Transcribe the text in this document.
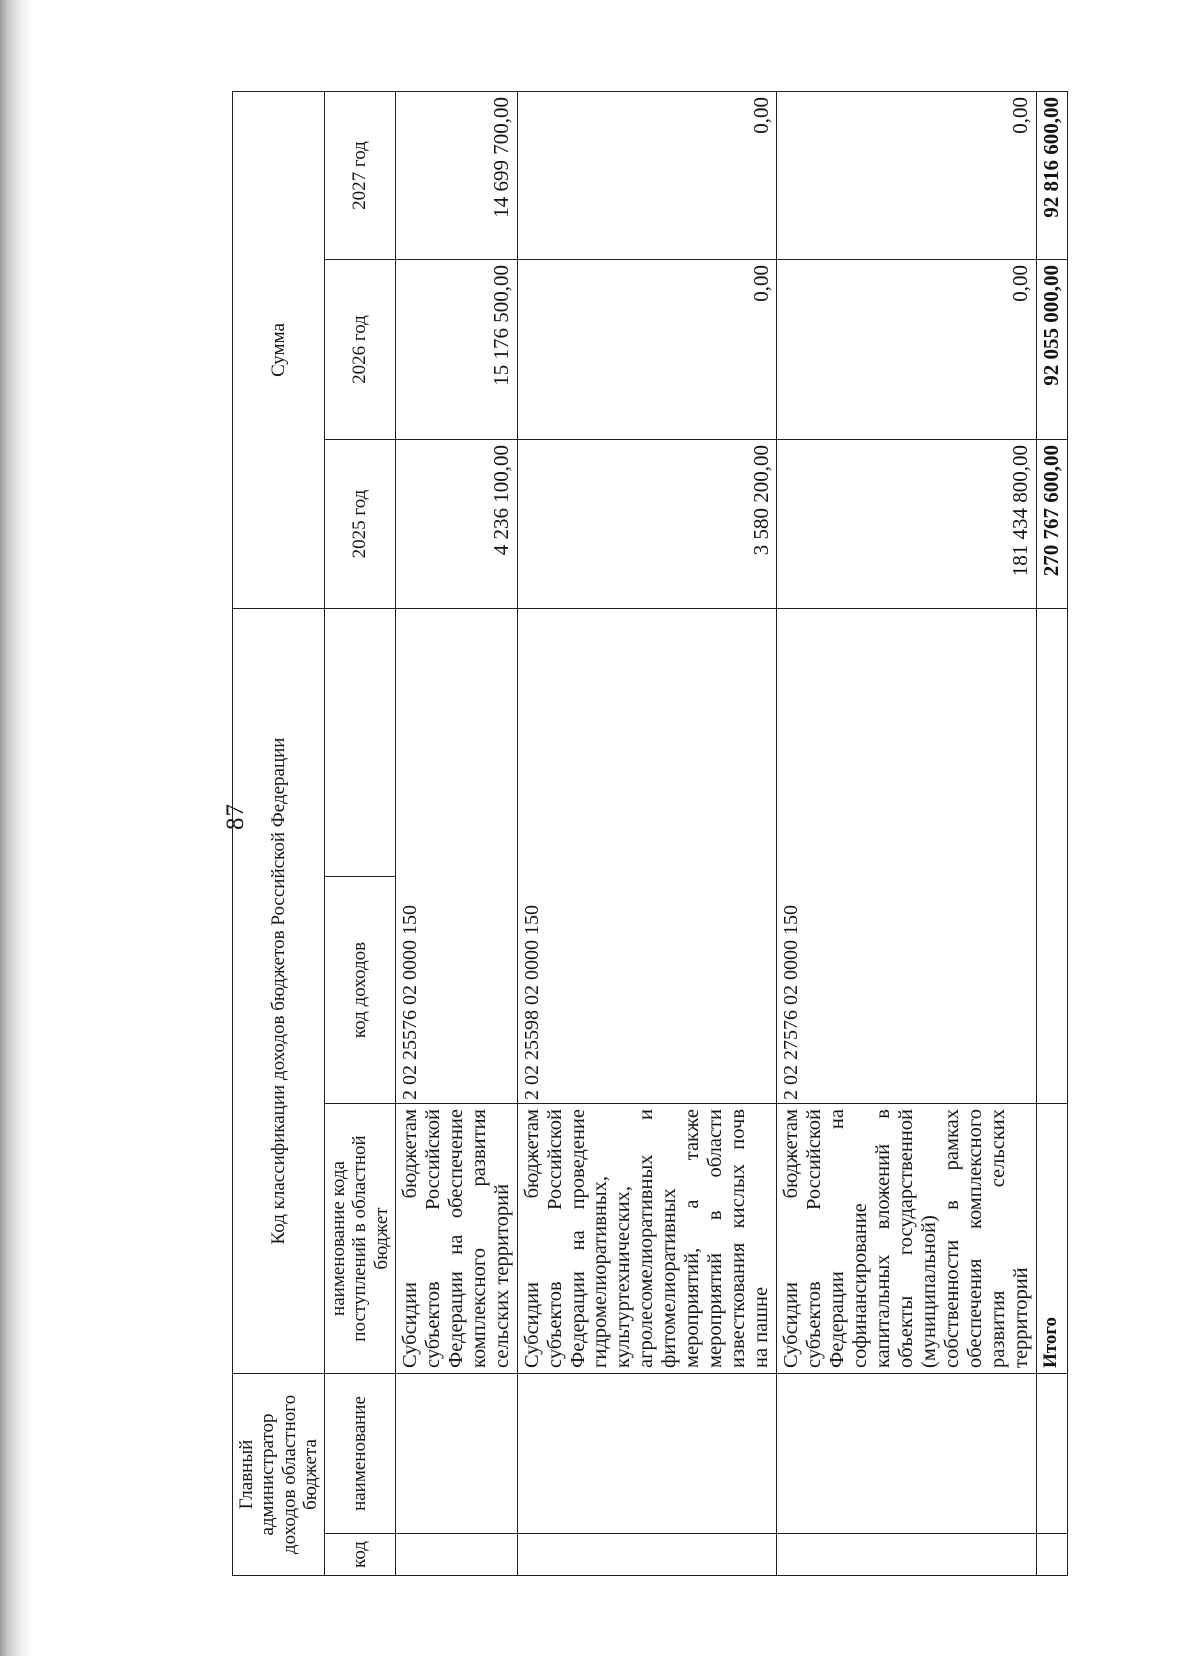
87
Главный администратор доходов областного бюджета		Код классификации доходов бюджетов Российской Федерации			Сумма		
код	наименование	наименование кода поступлений в областной бюджет	код доходов		2025 год	2026 год	2027 год
		Субсидии бюджетам субъектов Российской Федерации на обеспечение комплексного развития сельских территорий	2 02 25576 02 0000 150		4 236 100,00	15 176 500,00	14 699 700,00
		Субсидии бюджетам субъектов Российской Федерации на проведение гидромелиоративных, культуртехнических, агролесомелиоративных и фитомелиоративных мероприятий, а также мероприятий в области известкования кислых почв на пашне	2 02 25598 02 0000 150		3 580 200,00	0,00	0,00
		Субсидии бюджетам субъектов Российской Федерации на софинансирование капитальных вложений в объекты государственной (муниципальной) собственности в рамках обеспечения комплексного развития сельских территорий	2 02 27576 02 0000 150		181 434 800,00	0,00	0,00
		Итого			270 767 600,00	92 055 000,00	92 816 600,00
